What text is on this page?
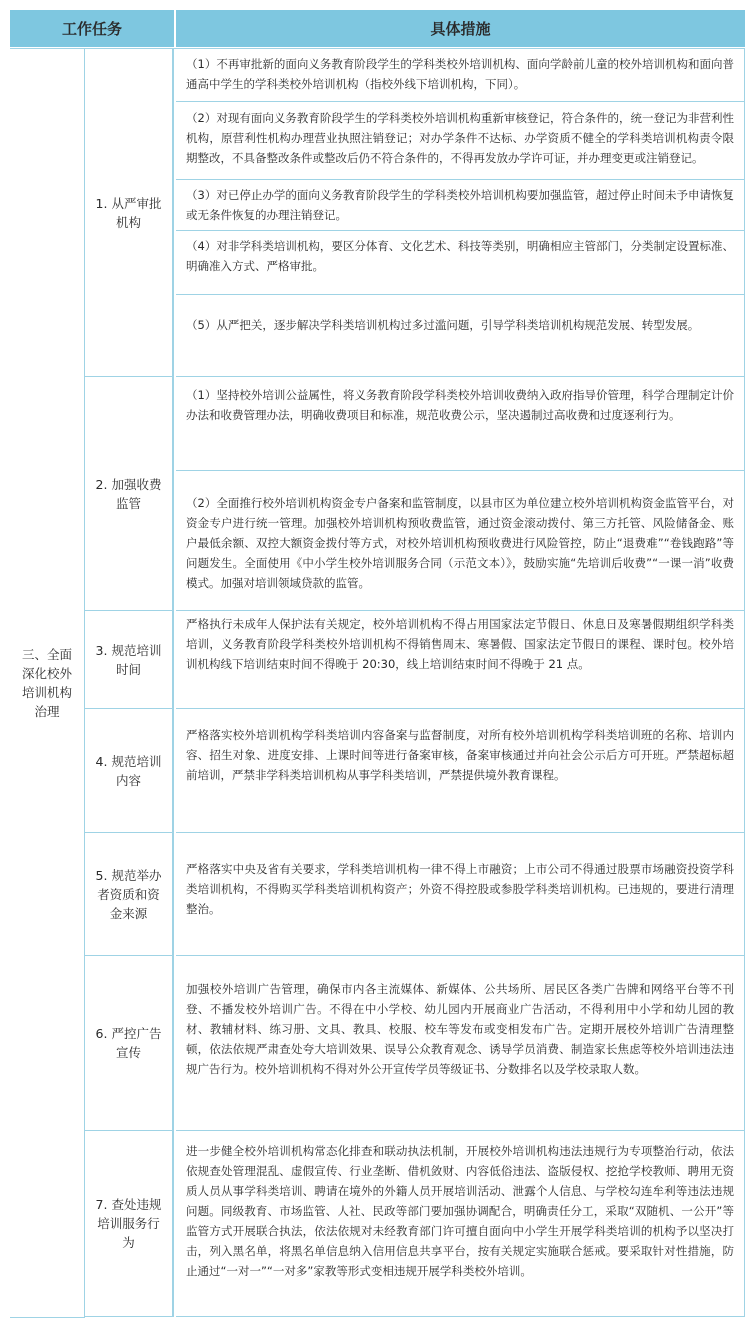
工作任务	具体措施
三、全面深化校外培训机构治理
1. 从严审批机构
（1）不再审批新的面向义务教育阶段学生的学科类校外培训机构、面向学龄前儿童的校外培训机构和面向普通高中学生的学科类校外培训机构（指校外线下培训机构，下同）。
（2）对现有面向义务教育阶段学生的学科类校外培训机构重新审核登记，符合条件的，统一登记为非营利性机构，原营利性机构办理营业执照注销登记；对办学条件不达标、办学资质不健全的学科类培训机构责令限期整改，不具备整改条件或整改后仍不符合条件的，不得再发放办学许可证，并办理变更或注销登记。
（3）对已停止办学的面向义务教育阶段学生的学科类校外培训机构要加强监管，超过停止时间未予申请恢复或无条件恢复的办理注销登记。
（4）对非学科类培训机构，要区分体育、文化艺术、科技等类别，明确相应主管部门，分类制定设置标准、明确准入方式、严格审批。
（5）从严把关，逐步解决学科类培训机构过多过滥问题，引导学科类培训机构规范发展、转型发展。
2. 加强收费监管
（1）坚持校外培训公益属性，将义务教育阶段学科类校外培训收费纳入政府指导价管理，科学合理制定计价办法和收费管理办法，明确收费项目和标准，规范收费公示，坚决遏制过高收费和过度逐利行为。
（2）全面推行校外培训机构资金专户备案和监管制度，以县市区为单位建立校外培训机构资金监管平台，对资金专户进行统一管理。加强校外培训机构预收费监管，通过资金滚动拨付、第三方托管、风险储备金、账户最低余额、双控大额资金拨付等方式，对校外培训机构预收费进行风险管控，防止“退费难”“卷钱跑路”等问题发生。全面使用《中小学生校外培训服务合同（示范文本）》，鼓励实施“先培训后收费”“一课一消”收费模式。加强对培训领域贷款的监管。
3. 规范培训时间
严格执行未成年人保护法有关规定，校外培训机构不得占用国家法定节假日、休息日及寒暑假期组织学科类培训，义务教育阶段学科类校外培训机构不得销售周末、寒暑假、国家法定节假日的课程、课时包。校外培训机构线下培训结束时间不得晚于 20:30，线上培训结束时间不得晚于 21 点。
4. 规范培训内容
严格落实校外培训机构学科类培训内容备案与监督制度，对所有校外培训机构学科类培训班的名称、培训内容、招生对象、进度安排、上课时间等进行备案审核，备案审核通过并向社会公示后方可开班。严禁超标超前培训，严禁非学科类培训机构从事学科类培训，严禁提供境外教育课程。
5. 规范举办者资质和资金来源
严格落实中央及省有关要求，学科类培训机构一律不得上市融资；上市公司不得通过股票市场融资投资学科类培训机构，不得购买学科类培训机构资产；外资不得控股或参股学科类培训机构。已违规的，要进行清理整治。
6. 严控广告宣传
加强校外培训广告管理，确保市内各主流媒体、新媒体、公共场所、居民区各类广告牌和网络平台等不刊登、不播发校外培训广告。不得在中小学校、幼儿园内开展商业广告活动，不得利用中小学和幼儿园的教材、教辅材料、练习册、文具、教具、校服、校车等发布或变相发布广告。定期开展校外培训广告清理整顿，依法依规严肃查处夸大培训效果、误导公众教育观念、诱导学员消费、制造家长焦虑等校外培训违法违规广告行为。校外培训机构不得对外公开宣传学员等级证书、分数排名以及学校录取人数。
7. 查处违规培训服务行为
进一步健全校外培训机构常态化排查和联动执法机制，开展校外培训机构违法违规行为专项整治行动，依法依规查处管理混乱、虚假宣传、行业垄断、借机敛财、内容低俗违法、盗版侵权、挖抢学校教师、聘用无资质人员从事学科类培训、聘请在境外的外籍人员开展培训活动、泄露个人信息、与学校勾连牟利等违法违规问题。同级教育、市场监管、人社、民政等部门要加强协调配合，明确责任分工，采取“双随机、一公开”等监管方式开展联合执法，依法依规对未经教育部门许可擅自面向中小学生开展学科类培训的机构予以坚决打击，列入黑名单，将黑名单信息纳入信用信息共享平台，按有关规定实施联合惩戒。要采取针对性措施，防止通过“一对一”“一对多”家教等形式变相违规开展学科类校外培训。
